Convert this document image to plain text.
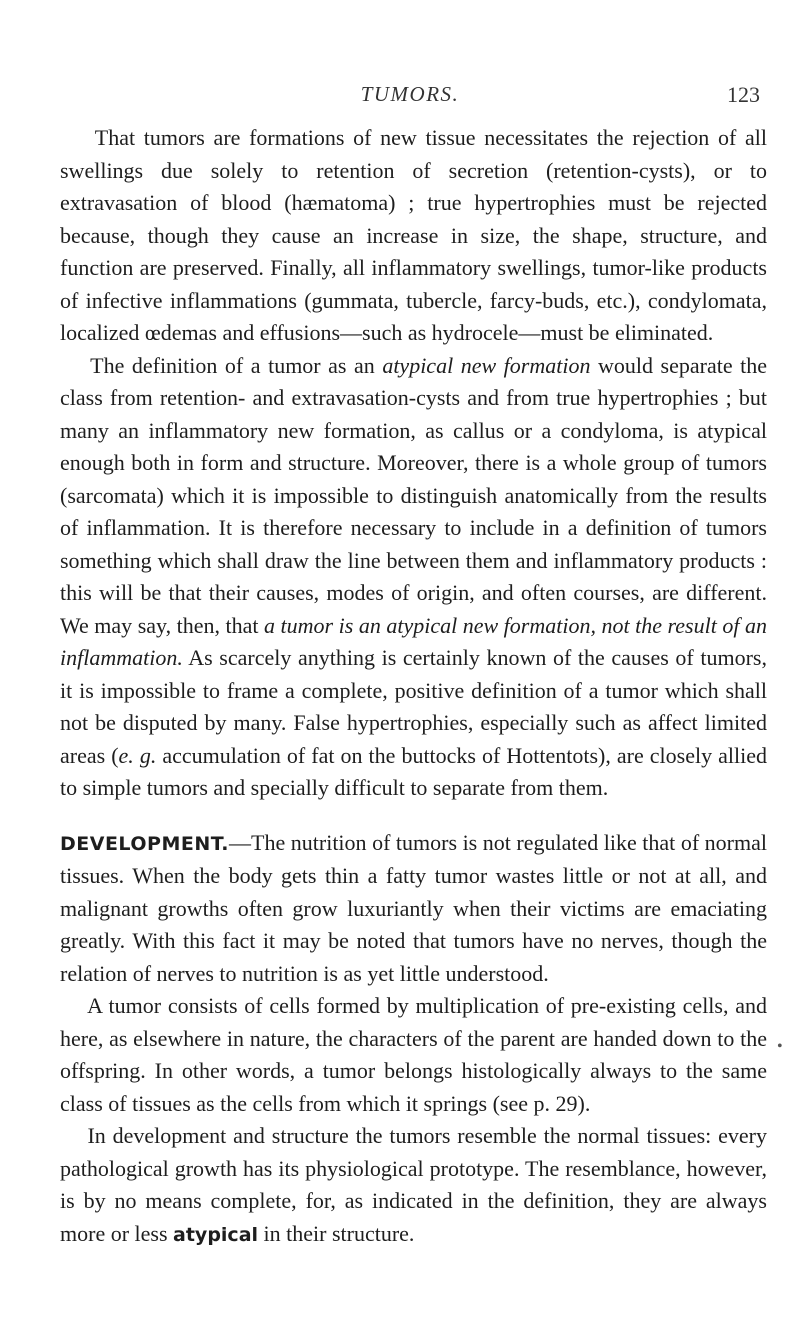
TUMORS.	123
•

That tumors are formations of new tissue necessitates the rejection of all swellings due solely to retention of secretion (retention-cysts), or to extravasation of blood (hæmatoma) ; true hypertrophies must be rejected because, though they cause an increase in size, the shape, structure, and function are preserved. Finally, all inflammatory swellings, tumor-like products of infective inflammations (gummata, tubercle, farcy-buds, etc.), condylomata, localized œdemas and effusions—such as hydrocele—must be eliminated.

The definition of a tumor as an atypical new formation would separate the class from retention- and extravasation-cysts and from true hypertrophies ; but many an inflammatory new formation, as callus or a condyloma, is atypical enough both in form and structure. Moreover, there is a whole group of tumors (sarcomata) which it is impossible to distinguish anatomically from the results of inflammation. It is therefore necessary to include in a definition of tumors something which shall draw the line between them and inflammatory products : this will be that their causes, modes of origin, and often courses, are different. We may say, then, that a tumor is an atypical new formation, not the result of an inflammation. As scarcely anything is certainly known of the causes of tumors, it is impossible to frame a complete, positive definition of a tumor which shall not be disputed by many. False hypertrophies, especially such as affect limited areas (e. g. accumulation of fat on the buttocks of Hottentots), are closely allied to simple tumors and specially difficult to separate from them.

DEVELOPMENT.—The nutrition of tumors is not regulated like that of normal tissues. When the body gets thin a fatty tumor wastes little or not at all, and malignant growths often grow luxuriantly when their victims are emaciating greatly. With this fact it may be noted that tumors have no nerves, though the relation of nerves to nutrition is as yet little understood.

A tumor consists of cells formed by multiplication of pre-existing cells, and here, as elsewhere in nature, the characters of the parent are handed down to the offspring. In other words, a tumor belongs histologically always to the same class of tissues as the cells from which it springs (see p. 29).

In development and structure the tumors resemble the normal tissues: every pathological growth has its physiological prototype. The resemblance, however, is by no means complete, for, as indicated in the definition, they are always more or less atypical in their structure.
